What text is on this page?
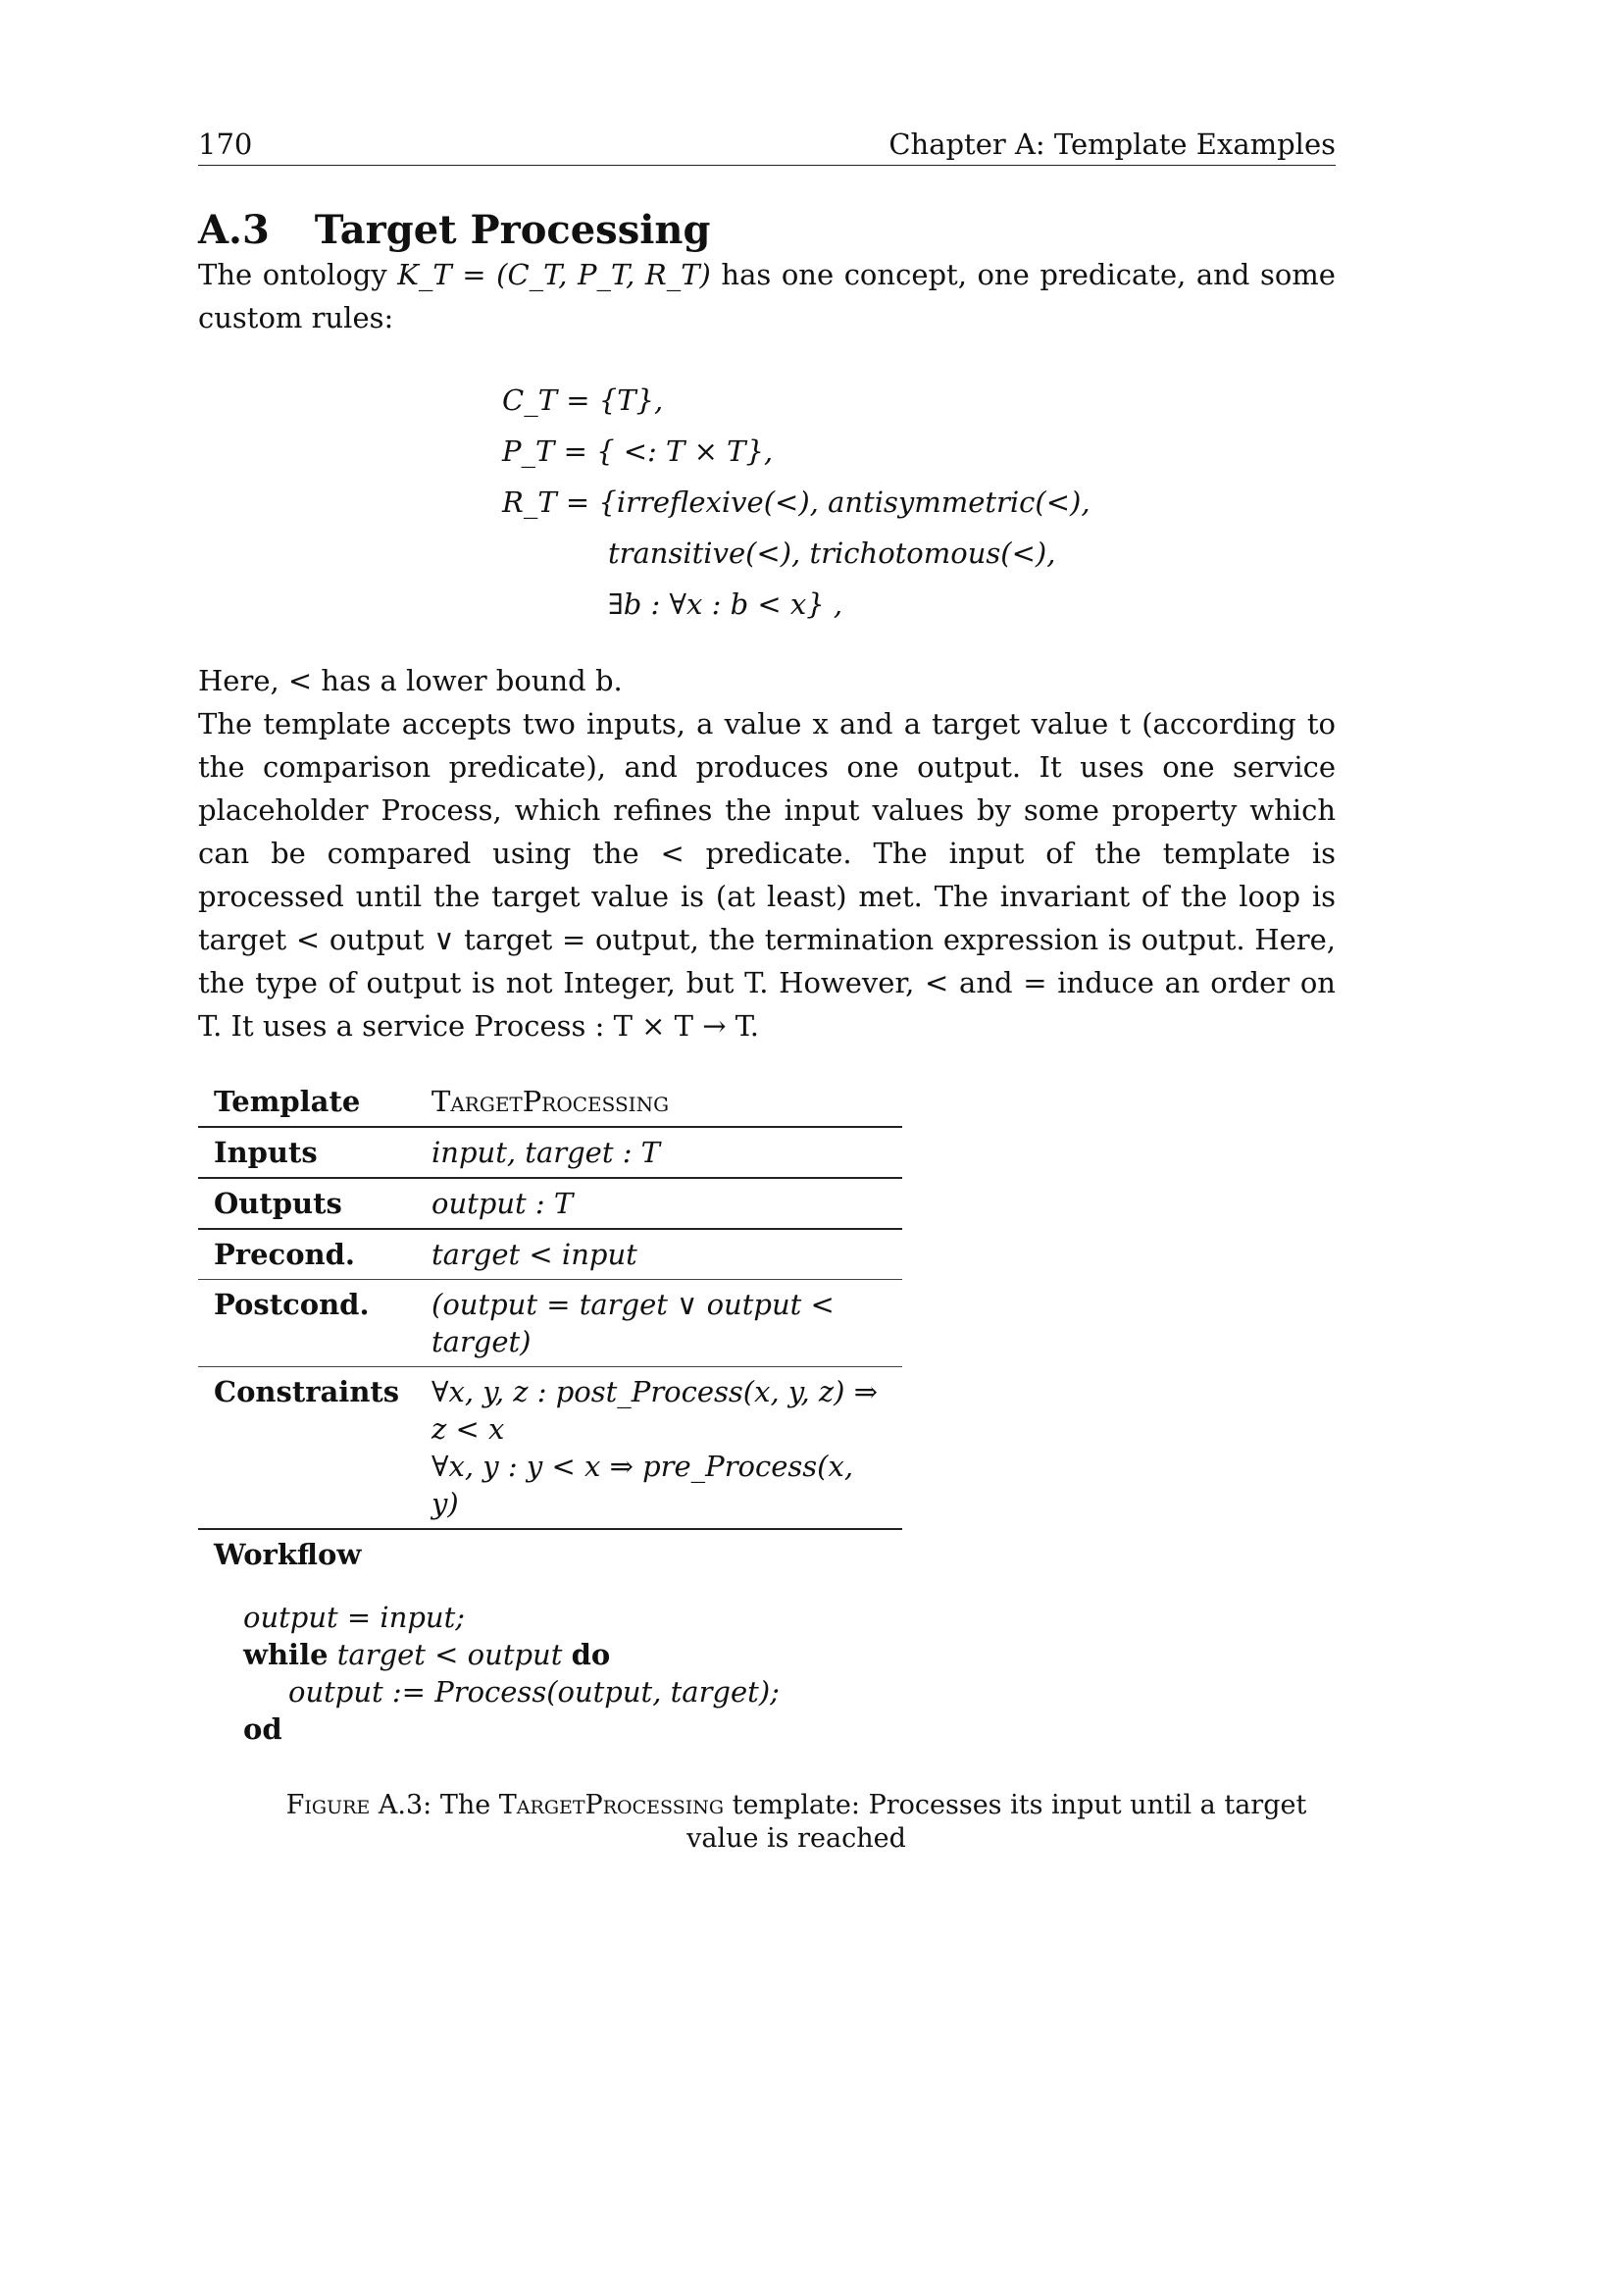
170	Chapter A: Template Examples
A.3 Target Processing

The ontology K_T = (C_T, P_T, R_T) has one concept, one predicate, and some custom rules:

C_T = {T},
P_T = { <: T × T},
R_T = {irreflexive(<), antisymmetric(<),
transitive(<), trichotomous(<),
∃b : ∀x : b < x} ,

Here, < has a lower bound b.

The template accepts two inputs, a value x and a target value t (according to the comparison predicate), and produces one output. It uses one service placeholder Process, which refines the input values by some property which can be compared using the < predicate. The input of the template is processed until the target value is (at least) met. The invariant of the loop is target < output ∨ target = output, the termination expression is output. Here, the type of output is not Integer, but T. However, < and = induce an order on T. It uses a service Process : T × T → T.

Template	TargetProcessing
Inputs	input, target : T
Outputs	output : T
Precond.	target < input
Postcond.	(output = target ∨ output < target)
Constraints	∀x, y, z : post_Process(x, y, z) ⇒ z < x
∀x, y : y < x ⇒ pre_Process(x, y)

Workflow	
output = input;
while target < output do
output := Process(output, target);
od
Figure A.3: The TargetProcessing template: Processes its input until a target value is reached
